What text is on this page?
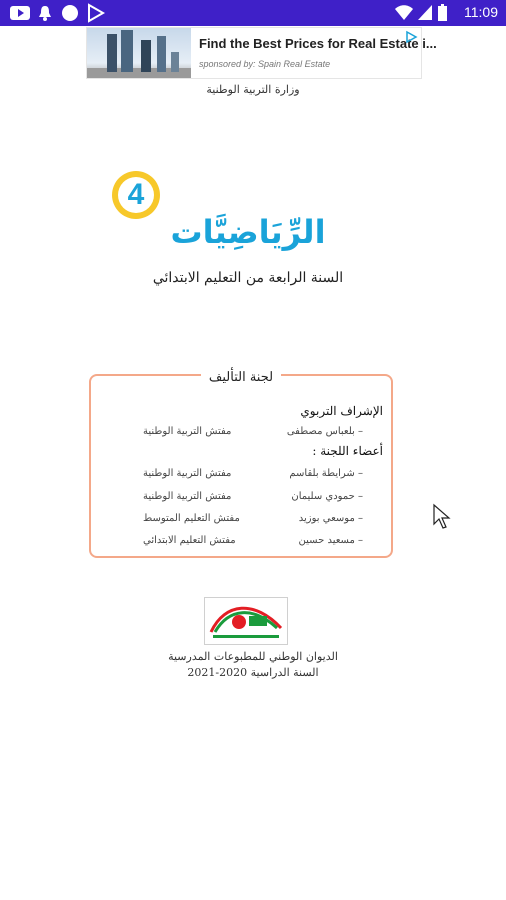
11:09
Find the Best Prices for Real Estate i...
sponsored by: Spain Real Estate
وزارة التربية الوطنية
4
الرِّيَاضِيَّات
السنة الرابعة من التعليم الابتدائي
لجنة التأليف
الإشراف التربوي
– بلعباس مصطفى
مفتش التربية الوطنية
أعضاء اللجنة :
– شرايطة بلقاسم
مفتش التربية الوطنية
– حمودي سليمان
مفتش التربية الوطنية
– موسعي بوزيد
مفتش التعليم المتوسط
– مسعيد حسين
مفتش التعليم الابتدائي
الديوان الوطني للمطبوعات المدرسية
السنة الدراسية 2020-2021
